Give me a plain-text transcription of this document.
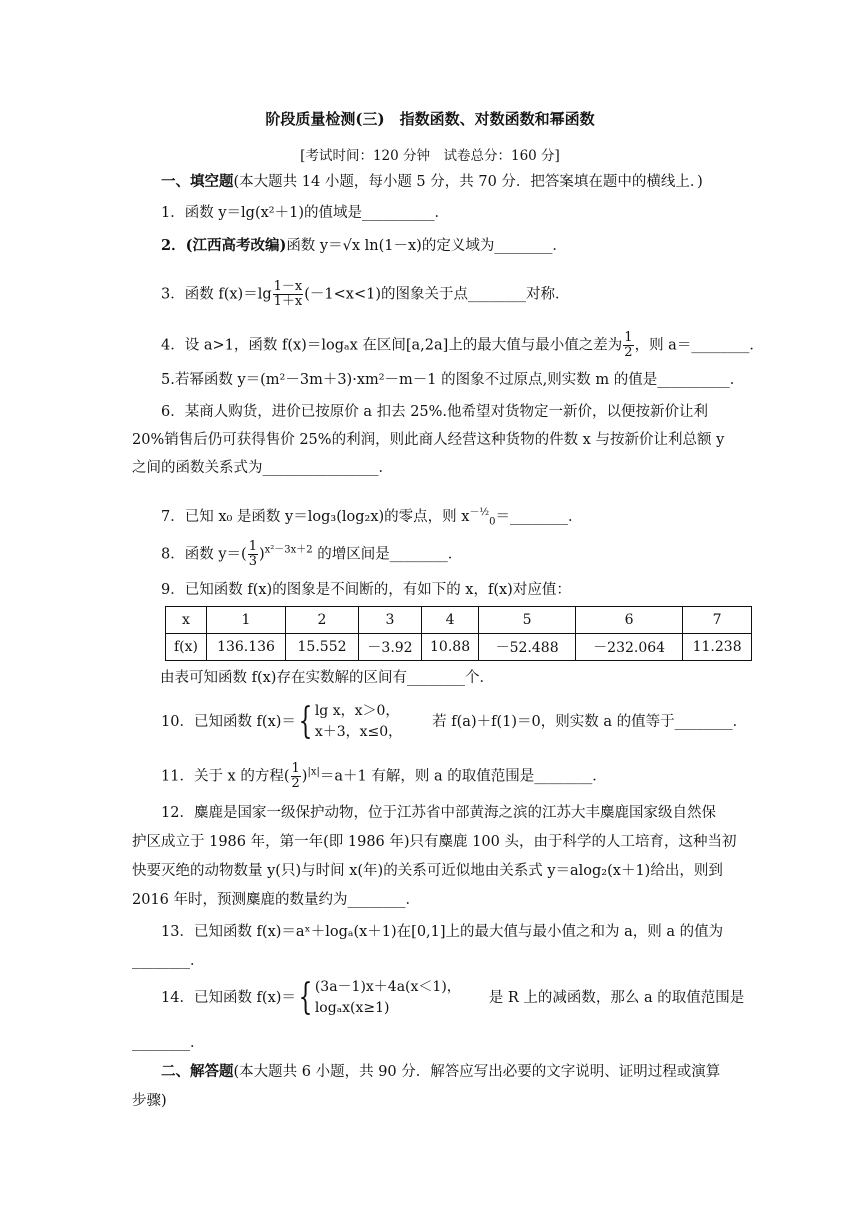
阶段质量检测(三)　指数函数、对数函数和幂函数
[考试时间：120 分钟　试卷总分：160 分]
一、填空题(本大题共 14 小题，每小题 5 分，共 70 分．把答案填在题中的横线上．)
1．函数 y＝lg(x²＋1)的值域是__________．
2．(江西高考改编)函数 y＝√x ln(1－x)的定义域为________．
3．函数 $f(x)=\lg \frac{1-x}{1+x} (-1<x<1)$的图象关于点________对称．
4．设 a>1，函数 f(x)＝logₐx 在区间[a,2a]上的最大值与最小值之差为 $\frac{1}{2}$ ，则 a＝________．
5.若幂函数 y＝(m²－3m＋3)·xm²－m－1 的图象不过原点,则实数 m 的值是__________．
6．某商人购货，进价已按原价 a 扣去 25%.他希望对货物定一新价，以便按新价让利
20%销售后仍可获得售价 25%的利润，则此商人经营这种货物的件数 x 与按新价让利总额 y
之间的函数关系式为________________．
7．已知 x₀ 是函数 y＝log₃(log₂x)的零点，则 $x^{-\frac{1}{2}}_0=\_\_\_\_\_\_\_\_$．
8．函数 $y=( \frac{1}{3} )^{x^2-3x+2}$ 的增区间是________．
9．已知函数 f(x)的图象是不间断的，有如下的 x，f(x)对应值：
x	1	2	3	4	5	6	7
f(x)	136.136	15.552	－3.92	10.88	－52.488	－232.064	11.238
由表可知函数 f(x)存在实数解的区间有________个．
10．已知函数 f(x)＝{ lg x，x＞0，
x＋3，x≤0，
若 f(a)＋f(1)＝0，则实数 a 的值等于________．
11．关于 x 的方程( $\frac{1}{2} )^{|x|}=a+1$ 有解，则 a 的取值范围是________．
12．麋鹿是国家一级保护动物，位于江苏省中部黄海之滨的江苏大丰麋鹿国家级自然保
护区成立于 1986 年，第一年(即 1986 年)只有麋鹿 100 头，由于科学的人工培育，这种当初
快要灭绝的动物数量 y(只)与时间 x(年)的关系可近似地由关系式 y＝alog₂(x＋1)给出，则到
2016 年时，预测麋鹿的数量约为________．
13．已知函数 f(x)＝aˣ＋logₐ(x＋1)在[0,1]上的最大值与最小值之和为 a，则 a 的值为
________．
14．已知函数 f(x)＝{ (3a－1)x＋4a(x＜1)，
logₐx(x≥1)
是 R 上的减函数，那么 a 的取值范围是
________．
二、解答题(本大题共 6 小题，共 90 分．解答应写出必要的文字说明、证明过程或演算
步骤)
